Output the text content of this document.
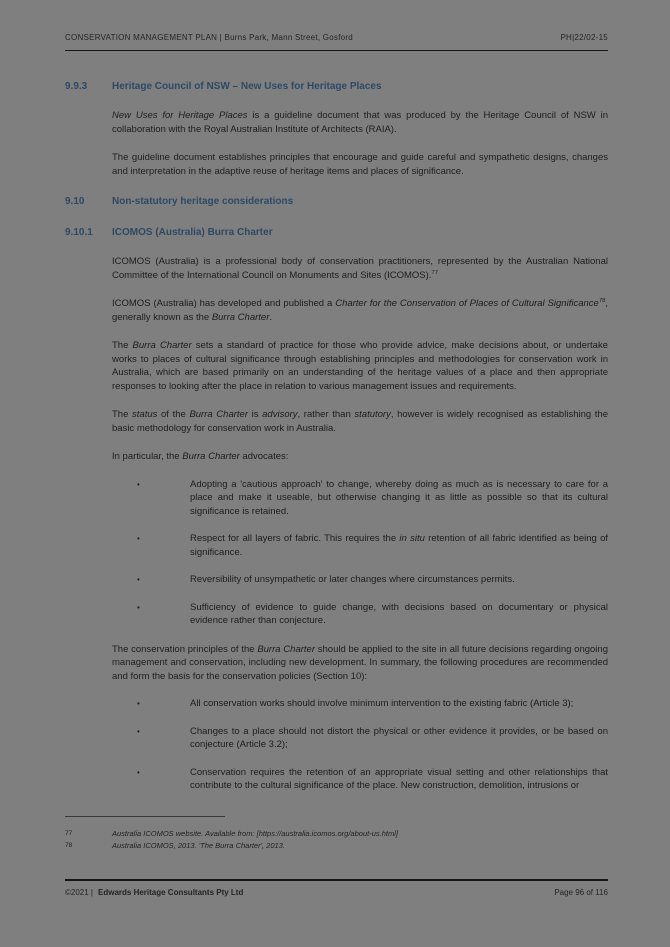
CONSERVATION MANAGEMENT PLAN | Burns Park, Mann Street, Gosford	PH|22/02-15
9.9.3	Heritage Council of NSW – New Uses for Heritage Places
New Uses for Heritage Places is a guideline document that was produced by the Heritage Council of NSW in collaboration with the Royal Australian Institute of Architects (RAIA).
The guideline document establishes principles that encourage and guide careful and sympathetic designs, changes and interpretation in the adaptive reuse of heritage items and places of significance.
9.10	Non-statutory heritage considerations
9.10.1	ICOMOS (Australia) Burra Charter
ICOMOS (Australia) is a professional body of conservation practitioners, represented by the Australian National Committee of the International Council on Monuments and Sites (ICOMOS).$^{77}$
ICOMOS (Australia) has developed and published a Charter for the Conservation of Places of Cultural Significance$^{78}$, generally known as the Burra Charter.
The Burra Charter sets a standard of practice for those who provide advice, make decisions about, or undertake works to places of cultural significance through establishing principles and methodologies for conservation work in Australia, which are based primarily on an understanding of the heritage values of a place and then appropriate responses to looking after the place in relation to various management issues and requirements.
The status of the Burra Charter is advisory, rather than statutory, however is widely recognised as establishing the basic methodology for conservation work in Australia.
In particular, the Burra Charter advocates:
•	Adopting a 'cautious approach' to change, whereby doing as much as is necessary to care for a place and make it useable, but otherwise changing it as little as possible so that its cultural significance is retained.
•	Respect for all layers of fabric. This requires the in situ retention of all fabric identified as being of significance.
•	Reversibility of unsympathetic or later changes where circumstances permits.
•	Sufficiency of evidence to guide change, with decisions based on documentary or physical evidence rather than conjecture.
The conservation principles of the Burra Charter should be applied to the site in all future decisions regarding ongoing management and conservation, including new development. In summary, the following procedures are recommended and form the basis for the conservation policies (Section 10):
•	All conservation works should involve minimum intervention to the existing fabric (Article 3);
•	Changes to a place should not distort the physical or other evidence it provides, or be based on conjecture (Article 3.2);
•	Conservation requires the retention of an appropriate visual setting and other relationships that contribute to the cultural significance of the place. New construction, demolition, intrusions or
77	Australia ICOMOS website. Available from: [https://australia.icomos.org/about-us.html]
78	Australia ICOMOS, 2013. 'The Burra Charter', 2013.
©2021 | Edwards Heritage Consultants Pty Ltd	Page 96 of 116
